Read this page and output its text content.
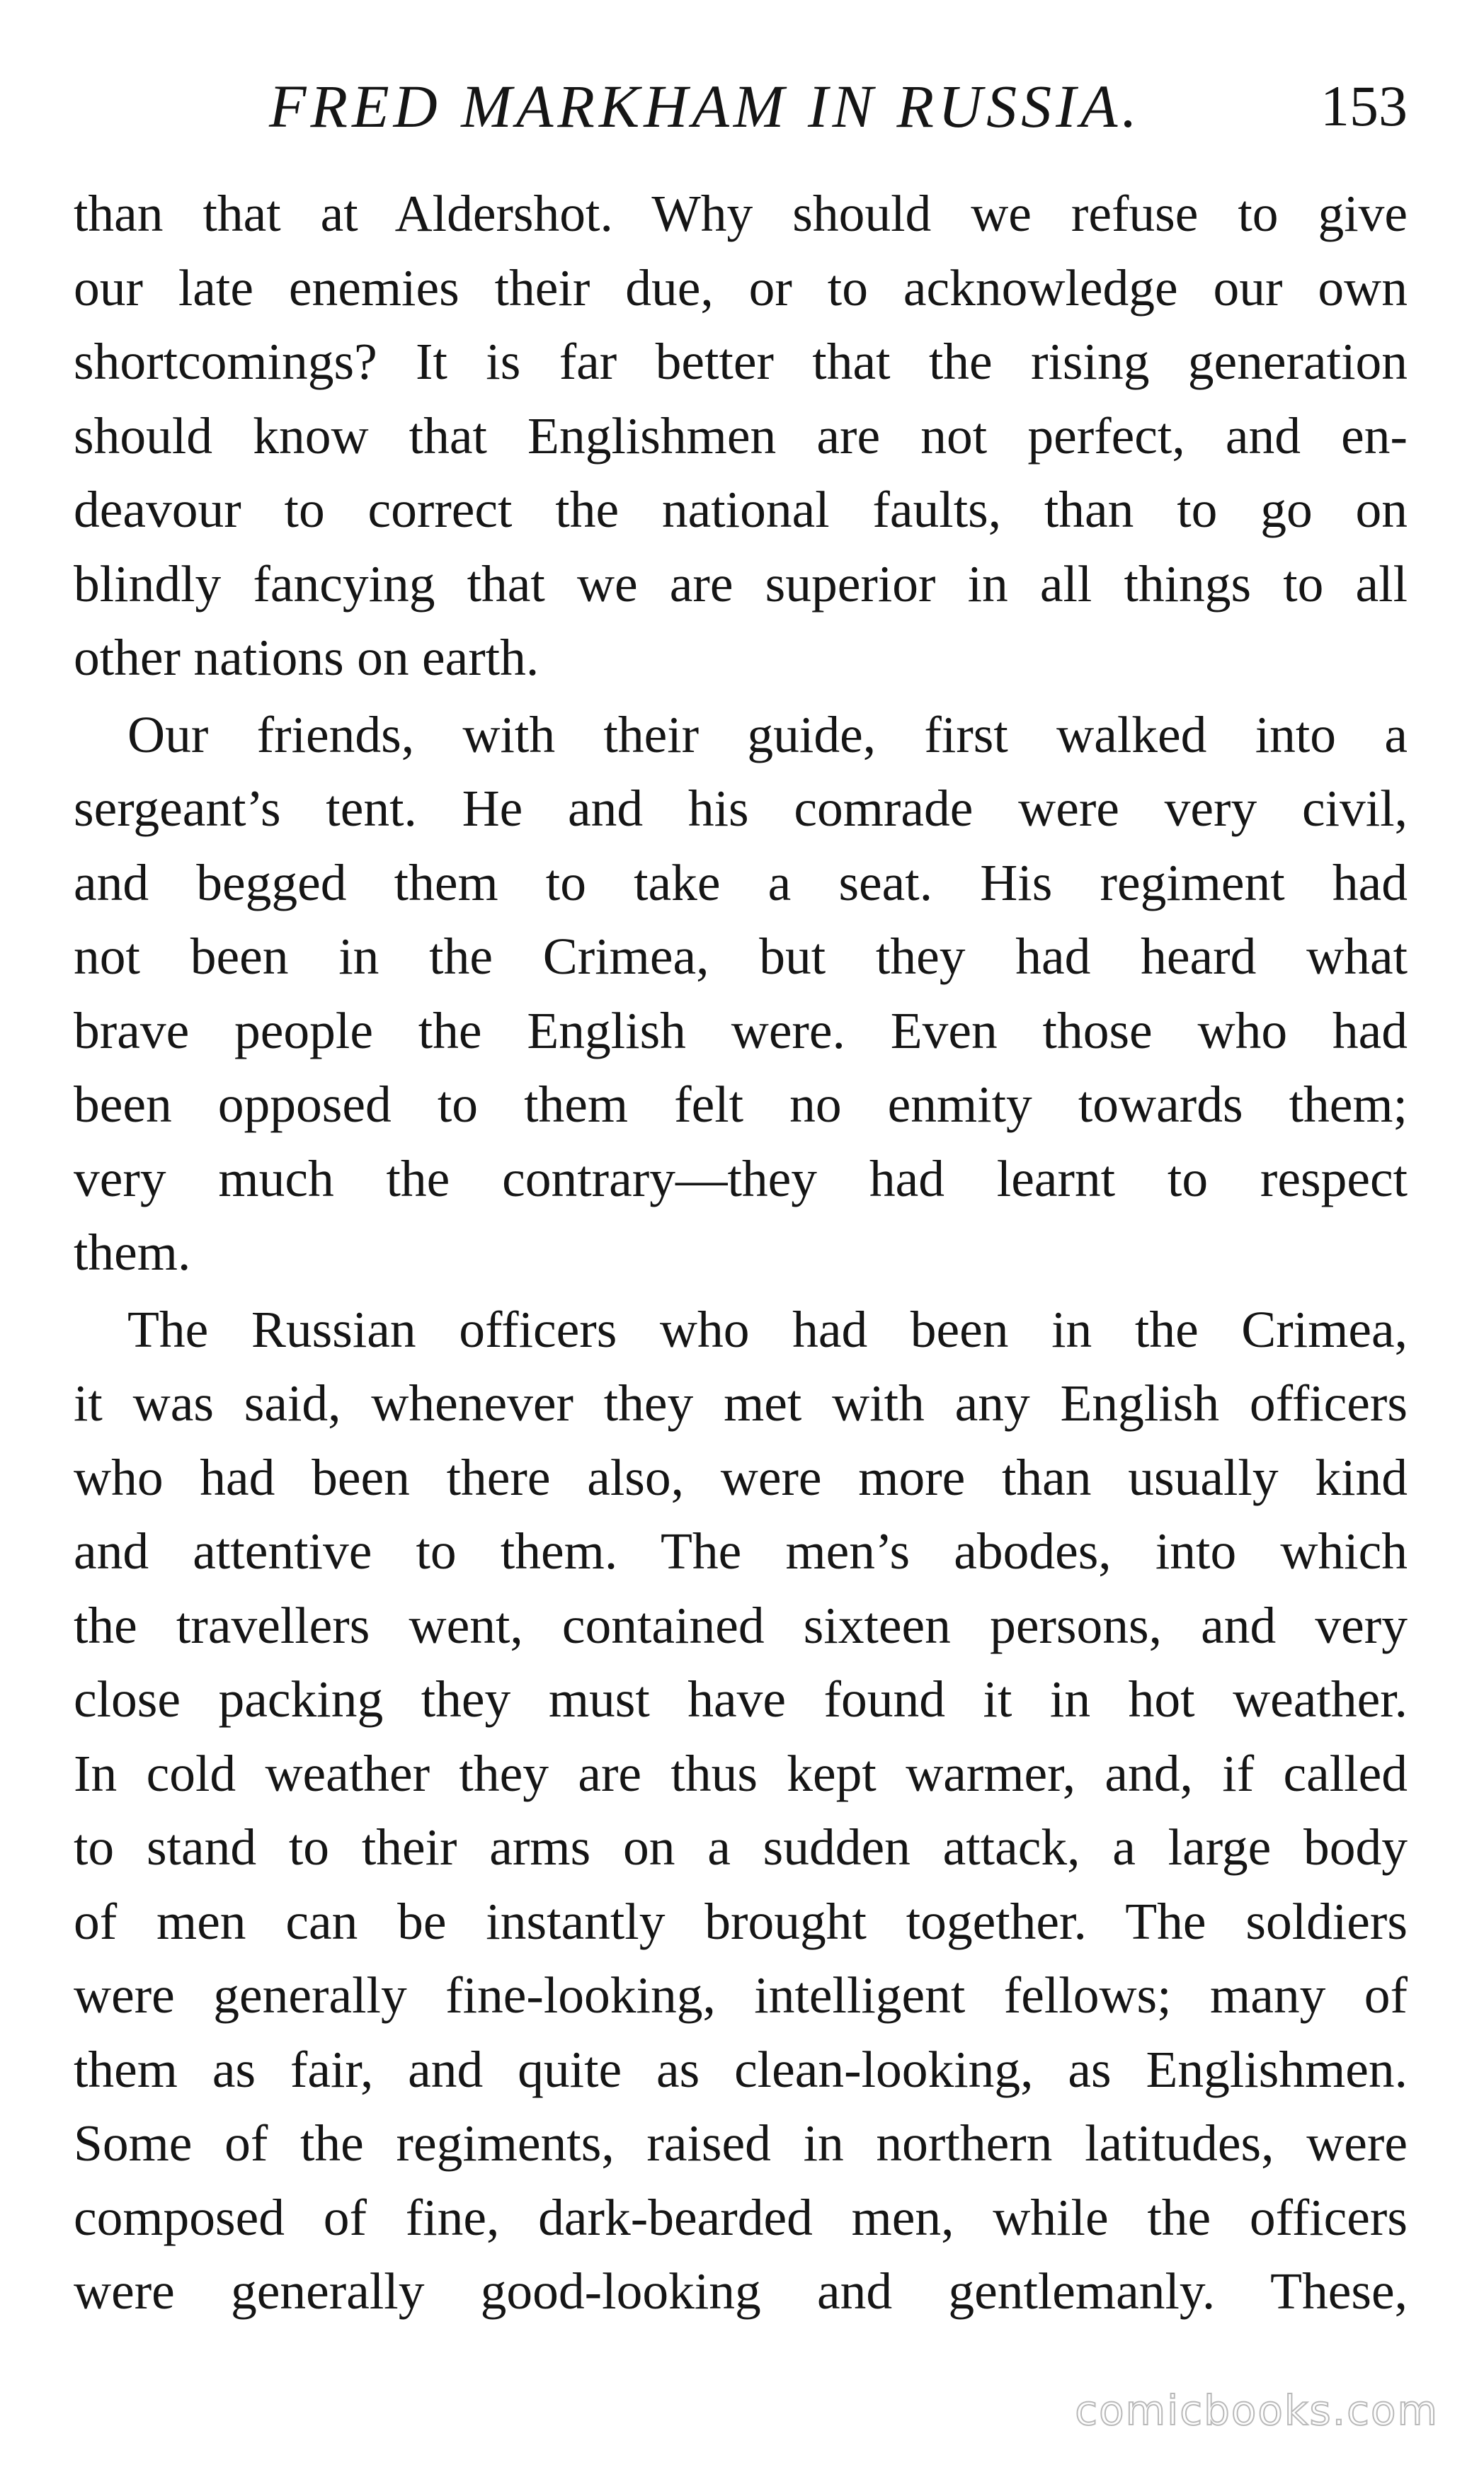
FRED MARKHAM IN RUSSIA.	153
than that at Aldershot. Why should we refuse to give
our late enemies their due, or to acknowledge our own
shortcomings? It is far better that the rising generation
should know that Englishmen are not perfect, and en-
deavour to correct the national faults, than to go on
blindly fancying that we are superior in all things to all
other nations on earth.
Our friends, with their guide, first walked into a
sergeant’s tent. He and his comrade were very civil,
and begged them to take a seat. His regiment had
not been in the Crimea, but they had heard what
brave people the English were. Even those who had
been opposed to them felt no enmity towards them;
very much the contrary—they had learnt to respect
them.
The Russian officers who had been in the Crimea,
it was said, whenever they met with any English officers
who had been there also, were more than usually kind
and attentive to them. The men’s abodes, into which
the travellers went, contained sixteen persons, and very
close packing they must have found it in hot weather.
In cold weather they are thus kept warmer, and, if called
to stand to their arms on a sudden attack, a large body
of men can be instantly brought together. The soldiers
were generally fine-looking, intelligent fellows; many of
them as fair, and quite as clean-looking, as Englishmen.
Some of the regiments, raised in northern latitudes, were
composed of fine, dark-bearded men, while the officers
were generally good-looking and gentlemanly. These,
comicbooks.com
